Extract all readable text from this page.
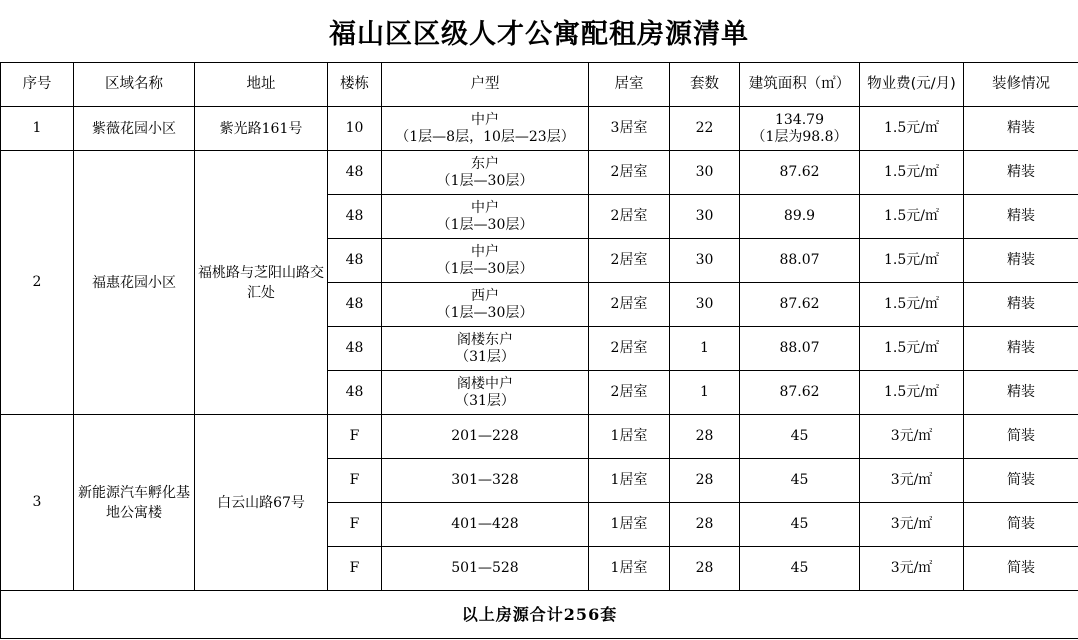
福山区区级人才公寓配租房源清单
序号	区域名称	地址	楼栋	户型	居室	套数	建筑面积（㎡）	物业费(元/月)	装修情况
1	紫薇花园小区	紫光路161号	10	中户
（1层—8层，10层—23层）	3居室	22	134.79
（1层为98.8）	1.5元/㎡	精装
2	福惠花园小区	福桃路与芝阳山路交汇处	48	东户
（1层—30层）	2居室	30	87.62	1.5元/㎡	精装
			48	中户
（1层—30层）	2居室	30	89.9	1.5元/㎡	精装
			48	中户
（1层—30层）	2居室	30	88.07	1.5元/㎡	精装
			48	西户
（1层—30层）	2居室	30	87.62	1.5元/㎡	精装
			48	阁楼东户
（31层）	2居室	1	88.07	1.5元/㎡	精装
			48	阁楼中户
（31层）	2居室	1	87.62	1.5元/㎡	精装
3	新能源汽车孵化基地公寓楼	白云山路67号	F	201—228	1居室	28	45	3元/㎡	简装
			F	301—328	1居室	28	45	3元/㎡	简装
			F	401—428	1居室	28	45	3元/㎡	简装
			F	501—528	1居室	28	45	3元/㎡	简装
以上房源合计256套									
